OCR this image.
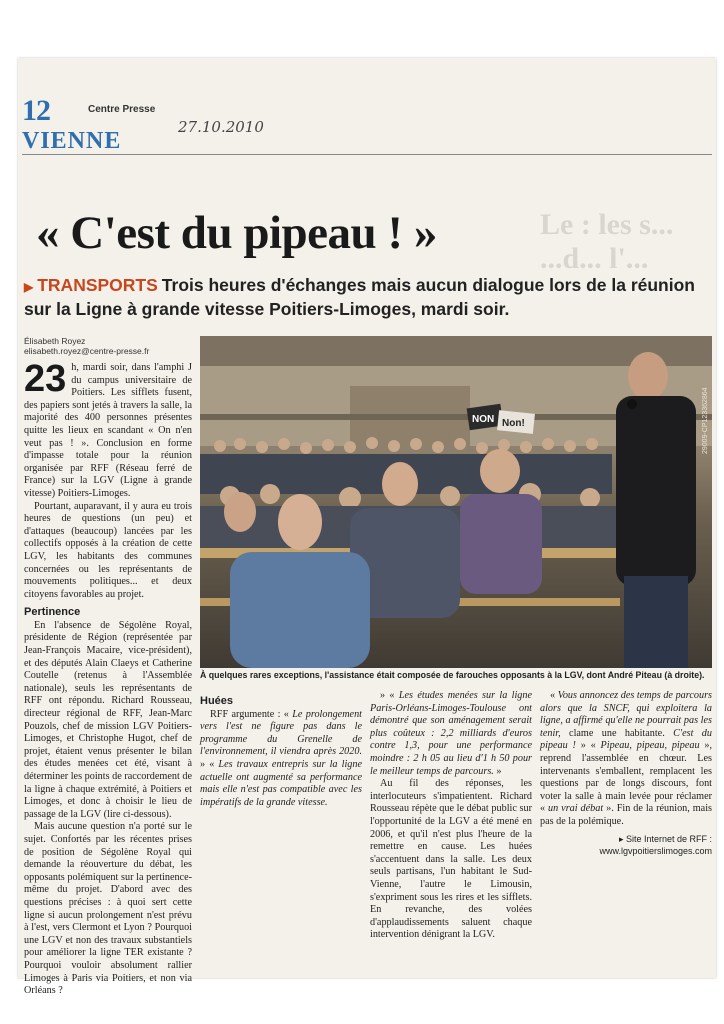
12	Centre Presse
VIENNE
27.10.2010
Le : les s... ...d... l'...
« C'est du pipeau ! »
▶ TRANSPORTS Trois heures d'échanges mais aucun dialogue lors de la réunion sur la Ligne à grande vitesse Poitiers-Limoges, mardi soir.
Élisabeth Royez
elisabeth.royez@centre-presse.fr
NON Non!	29009-CP123362864
À quelques rares exceptions, l'assistance était composée de farouches opposants à la LGV, dont André Piteau (à droite).
23 h, mardi soir, dans l'amphi J du campus universitaire de Poitiers. Les sifflets fusent, des papiers sont jetés à travers la salle, la majorité des 400 personnes présentes quitte les lieux en scandant « On n'en veut pas ! ». Conclusion en forme d'impasse totale pour la réunion organisée par RFF (Réseau ferré de France) sur la LGV (Ligne à grande vitesse) Poitiers-Limoges.

Pourtant, auparavant, il y aura eu trois heures de questions (un peu) et d'attaques (beaucoup) lancées par les collectifs opposés à la création de cette LGV, les habitants des communes concernées ou les représentants de mouvements politiques... et deux citoyens favorables au projet.

Pertinence

En l'absence de Ségolène Royal, présidente de Région (représentée par Jean-François Macaire, vice-président), et des députés Alain Claeys et Catherine Coutelle (retenus à l'Assemblée nationale), seuls les représentants de RFF ont répondu. Richard Rousseau, directeur régional de RFF, Jean-Marc Pouzols, chef de mission LGV Poitiers-Limoges, et Christophe Hugot, chef de projet, étaient venus présenter le bilan des études menées cet été, visant à déterminer les points de raccordement de la ligne à chaque extrémité, à Poitiers et Limoges, et donc à choisir le lieu de passage de la LGV (lire ci-dessous).

Mais aucune question n'a porté sur le sujet. Confortés par les récentes prises de position de Ségolène Royal qui demande la réouverture du débat, les opposants polémiquent sur la pertinence-même du projet. D'abord avec des questions précises : à quoi sert cette ligne si aucun prolongement n'est prévu à l'est, vers Clermont et Lyon ? Pourquoi une LGV et non des travaux substantiels pour améliorer la ligne TER existante ? Pourquoi vouloir absolument rallier Limoges à Paris via Poitiers, et non via Orléans ?

Huées

RFF argumente : « Le prolongement vers l'est ne figure pas dans le programme du Grenelle de l'environnement, il viendra après 2020. » « Les travaux entrepris sur la ligne actuelle ont augmenté sa performance mais elle n'est pas compatible avec les impératifs de la grande vitesse.

» « Les études menées sur la ligne Paris-Orléans-Limoges-Toulouse ont démontré que son aménagement serait plus coûteux : 2,2 milliards d'euros contre 1,3, pour une performance moindre : 2 h 05 au lieu d'1 h 50 pour le meilleur temps de parcours. »

Au fil des réponses, les interlocuteurs s'impatientent. Richard Rousseau répète que le débat public sur l'opportunité de la LGV a été mené en 2006, et qu'il n'est plus l'heure de la remettre en cause. Les huées s'accentuent dans la salle. Les deux seuls partisans, l'un habitant le Sud-Vienne, l'autre le Limousin, s'expriment sous les rires et les sifflets. En revanche, des volées d'applaudissements saluent chaque intervention dénigrant la LGV.

« Vous annoncez des temps de parcours alors que la SNCF, qui exploitera la ligne, a affirmé qu'elle ne pourrait pas les tenir, clame une habitante. C'est du pipeau ! » « Pipeau, pipeau, pipeau », reprend l'assemblée en chœur. Les intervenants s'emballent, remplacent les questions par de longs discours, font voter la salle à main levée pour réclamer « un vrai débat ». Fin de la réunion, mais pas de la polémique.

▸ Site Internet de RFF :
www.lgvpoitierslimoges.com
